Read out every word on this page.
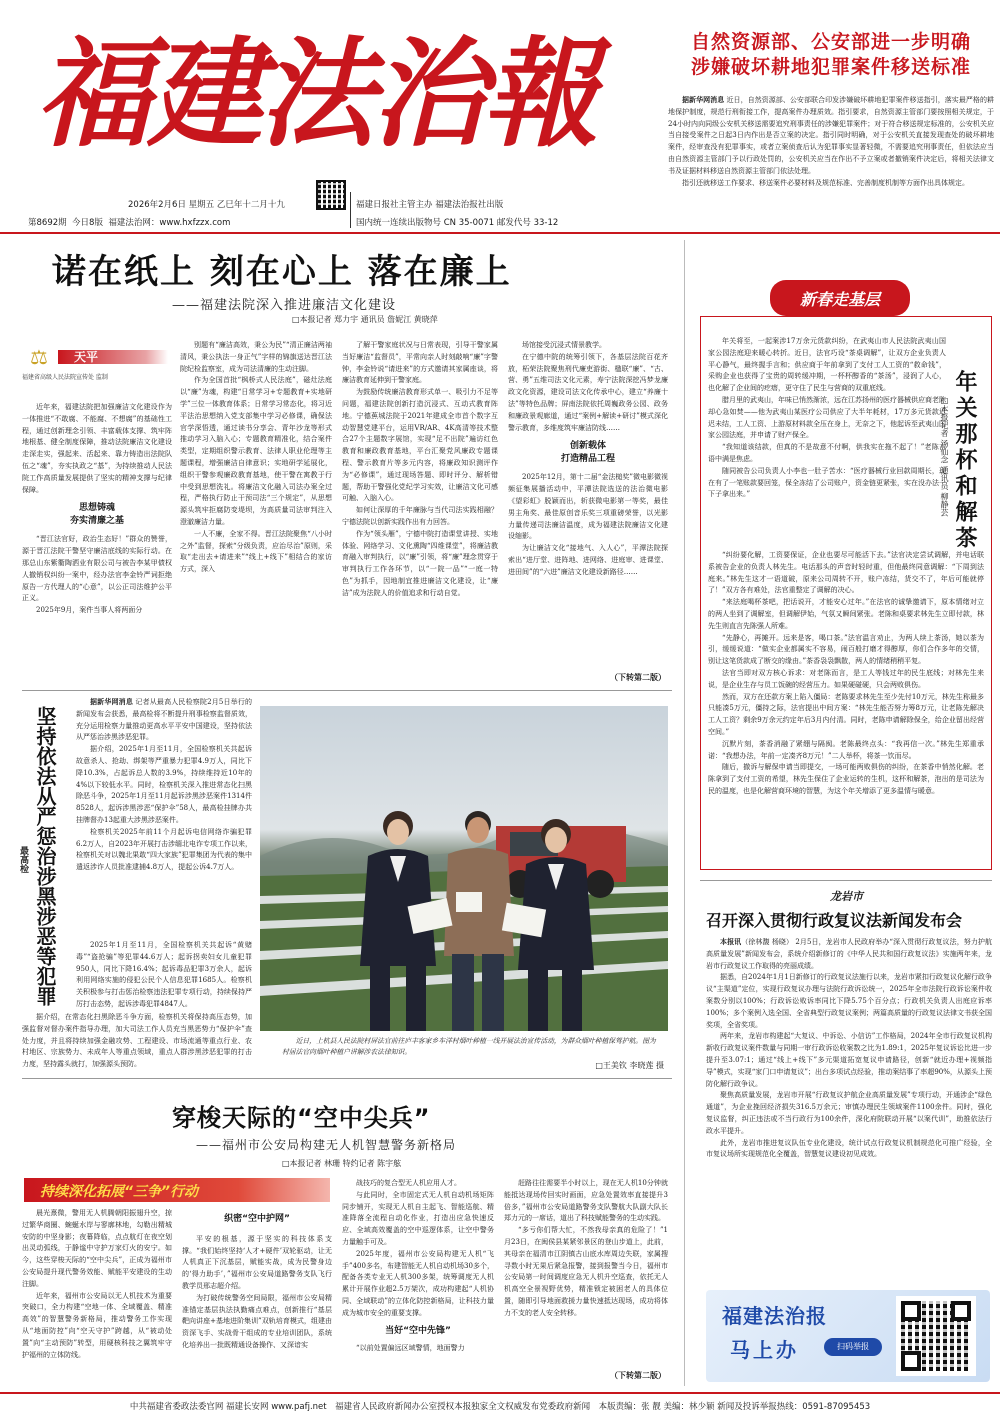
福建法治報
2026年2月6日 星期五 乙巳年十二月十九
第8692期 今日8版 福建法治网：www.hxfzzx.com
福建日报社主管主办 福建法治报社出版
国内统一连续出版物号 CN 35-0071 邮发代号 33-12
自然资源部、公安部进一步明确
涉嫌破坏耕地犯罪案件移送标准

据新华网消息 近日，自然资源部、公安部联合印发涉嫌破坏耕地犯罪案件移送指引，落实最严格的耕地保护制度，规范行刑衔接工作，提高案件办理质效。指引要求，自然资源主管部门要按照相关规定，于24小时内向同级公安机关移送需要追究刑事责任的涉嫌犯罪案件；对于符合移送规定标准的，公安机关应当自接受案件之日起3日内作出是否立案的决定。指引同时明确，对于公安机关直接发现查处的破坏耕地案件，经审查没有犯罪事实，或者立案侦查后认为犯罪事实显著轻微，不需要追究刑事责任，但依法应当由自然资源主管部门予以行政处罚的，公安机关应当在作出不予立案或者撤销案件决定后，将相关法律文书及证据材料移送自然资源主管部门依法处理。

指引还就移送工作要求、移送案件必要材料及规范标准、完善制度机制等方面作出具体规定。

诺在纸上 刻在心上 落在廉上
——福建法院深入推进廉洁文化建设
□本报记者 郑力宇 通讯员 詹妮江 黄晓萍
⚖	天平
福建省高级人民法院宣传处 监制

近年来，福建法院把加强廉洁文化建设作为一体推进“不敢腐、不能腐、不想腐”的基础性工程，通过创新理念引领、丰富载体支撑、筑牢阵地根基、健全制度保障，推动法院廉洁文化建设走深走实，强起来、活起来、靠力铸造出法院队伍之“魂”，夯实执政之“基”，为持续推动人民法院工作高质量发展提供了坚实的精神支撑与纪律保障。

思想铸魂
夯实清廉之基

“晋江法官好，政治生态好！”群众的赞誉，源于晋江法院干警坚守廉洁底线的实际行动。在那总山东紫衢陶洒业有限公司与被告李某甲债权人撤销权纠纷一案中，经办法官李金铃严词拒绝原告一方代理人的“心意”，以公正司法维护公平正义。

2025年9月，案件当事人将两面分

别题有“廉洁高效，秉公为民”“清正廉洁两袖清风，秉公执法一身正气”字样的锦旗送达晋江法院纪检监察室，成为司法清廉的生动注脚。

作为全国首批“枫桥式人民法庭”，磁灶法庭以“廉”为魂，构建“日常学习+专题教育+实地研学”三位一体教育体系；日常学习常态化，将习近平法治思想纳入党支部集中学习必修课，确保法官学深悟透，通过读书分享会、青年沙龙等形式推动学习入脑入心；专题教育精准化，结合案件类型，定期组织警示教育、法律人职业伦理等主题课程，增强廉洁自律意识；实地研学延展化，组织干警参观廉政教育基地，使干警在寓教于行中受到思想洗礼。将廉洁文化融入司法办案全过程，严格执行防止干预司法“三个规定”，从思想源头筑牢拒腐防变堤坝，为高质量司法审判注入澄澈廉洁力量。

一人不廉，全家不得。晋江法院聚焦“八小时之外”监督，探索“分级负责，应治尽治”原则，采取“走出去+请进来”“线上+线下”相结合的家访方式，深入

了解干警家庭状况与日常表现，引导干警家属当好廉洁“监督员”，平常向亲人时刻敲响“廉”字警钟，李金铃说“请进来”的方式邀请其家属座谈，将廉洁教育延伸到干警家庭。

为鼓励传统廉洁教育形式单一、吸引力不足等问题，福建法院创新打造沉浸式、互动式教育阵地。宁德蕉城法院于2021年建成全市首个数字互动智慧党建平台，运用VR/AR、4K高清等技术整合27个主题数字展馆，实现“足不出院”遍访红色教育和廉政教育基地，平台汇聚党风廉政专题课程、警示教育片等多元内容，将廉政知识测评作为“必修课”，通过现场答题、即时评分、解析错题，帮助干警强化党纪学习实效，让廉洁文化可感可触、入脑入心。

如何让深厚的千年廉脉与当代司法实践相融？宁德法院以创新实践作出有力回答。

作为“领头雁”，宁德中院打造课堂讲授、实地体验、网络学习、文化熏陶“四维课堂”，将廉洁教育融入审判执行，以“廉”引领，将“廉”理念贯穿于审判执行工作各环节，以“一院一品”“一庭一特色”为抓手，因地制宜推进廉洁文化建设，让“廉洁”成为法院人的价值追求和行动自觉。

场馆接受沉浸式情景教学。

在宁德中院的统筹引领下，各基层法院百花齐放，柘荣法院聚焦刑代廉吏游街、楹联“廉”、“古、营、勇”五维司法文化元素，寿宁法院深挖冯梦龙廉政文化资源，建设司法文化传承中心，建立“养廉十法”等特色品牌；屏南法院依托周巍政务公园、政务和廉政景观廊道，通过“案例+解读+研讨”模式深化警示教育，多维度筑牢廉洁防线……

创新载体
打造精品工程

2025年12月，第十二届“金法槌奖”微电影微视频征集展播活动中，平潭法院选送的法治微电影《望彩虹》脱颖而出，斩获微电影第一等奖，最佳男主角奖、最佳原创音乐奖三项重磅荣誉，以光影力量传递司法廉洁温度，成为福建法院廉洁文化建设缩影。

为让廉洁文化“接地气、入人心”，平潭法院探索出“进厅堂、进阵地、进网络、进庭审、进课堂、进田间”的“六进”廉洁文化建设新路径……

（下转第二版）
新春走基层

年关将至，一起案涉17万余元货款纠纷，在武夷山市人民法院武夷山国家公园法庭迎来暖心转折。近日，法官巧设“茶桌调解”，让双方企业负责人平心静气，最终握手言和；供应商于年前拿到了支付工人工资的“救命钱”，采购企业也获得了宝贵的周转缓冲期，一杯杯醇香的“茶汤”，浸润了人心，也化解了企业间的疙瘩，更守住了民生与营商的双重底线。

腊月里的武夷山，年味已悄然渐浓，远在江苏扬州的医疗器械供应商老陈却心急如焚——他为武夷山某医疗公司供应了大半年耗材，17万多元货款迟迟未结，工人工资、上游原材料款全压在身上，无奈之下，他起诉至武夷山国家公园法庭，并申请了财产保全。

“我知道该结款，但真的不是故意不付啊，供我实在拖不起了！”老陈吉语中满是焦虑。

随同被告公司负责人小李也一肚子苦水：“医疗器械行业回款周期长，现在有了一笔账款要回笼，保全冻结了公司账户，资金链更紧张，实在没办法一下子拿出来。”	年关那杯和解茶
□本报记者 汤仙念 通讯员 柳静芸

“纠纷要化解，工资要保证，企业也要尽可能活下去。”法官决定尝试调解，并电话联系被告企业的负责人林先生。电话那头的声音时轻时重，但他最终同意调解：“下周到法庭来。”林先生这才一语道破，原来公司周转不开，账户冻结，货交不了，年后可能就停了！”双方各有难处，法官重整定了调解的决心。

“来法庭喝杯茶吧，把话说开，才能安心过年。”在法官的诚挚邀请下，原本情绪对立的两人坐到了调解室，但调解伊始，气氛又瞬间紧张。老陈和桌要求林先生立即付款，林先生则直言先陈强人所难。

“先静心，再摊开。远来是客，喝口茶。”法官温言劝止，为两人续上茶汤，她以茶为引，缓缓说道：“做实企业都属实不容易，闹百般打磨才得醇厚，你们合作多年的交情，别让这笔货款成了断交的缘由。”茶香袅袅飘散，两人的情绪稍稍平复。

法官当即对双方核心诉求：对老陈而言，是工人等钱过年的民生底线；对林先生来说，是企业生存与员工饭碗的经营压力。如果硬碰硬，只会两败俱伤。

然而，双方在还款方案上陷入僵局：老陈要求林先生至少先付10万元，林先生称最多只能凑5万元，僵持之际，法官提出中间方案：“林先生能否努力筹8万元，让老陈先解决工人工资？剩余9万余元约定年后3月内付清。同时，老陈申请解除保全，给企业留出经营空间。”

沉默片刻，茶香消融了紧绷与隔阂。老陈最终点头：“我再信一次。”林先生郑重承诺：“我想办法，年前一定凑齐8万元！”二人举杯，将茶一饮而尽。

随后，撤诉与解保申请当即提交，一场可能两败俱伤的纠纷，在茶香中悄然化解。老陈拿到了支付工资的希望，林先生保住了企业运转的生机，这杯和解茶，泡出的是司法为民的温度，也是化解营商环境的智慧，为这个年关增添了更多温情与暖意。

坚持依法从严惩治涉黑涉恶等犯罪
最高检

据新华网消息 记者从最高人民检察院2月5日举行的新闻发布会获悉，最高检将不断提升刑事检察监督质效，充分运用检察力量推动更高水平平安中国建设，坚持依法从严惩治涉黑涉恶犯罪。

据介绍，2025年1月至11月，全国检察机关共起诉故意杀人、抢劫、绑架等严重暴力犯罪4.9万人，同比下降10.3%，占起诉总人数的3.9%，持续维持近10年的4%以下较低水平。同时，检察机关深入推进常态化扫黑除恶斗争，2025年1月至11月起诉涉黑涉恶案件1314件8528人，起诉涉黑涉恶“保护伞”58人，最高检挂牌办共挂牌督办13起重大涉黑涉恶案件。

检察机关2025年前11个月起诉电信网络诈骗犯罪6.2万人，自2023年开展打击涉缅北电诈专项工作以来，检察机关对以魏北果敢“四大家族”犯罪集团为代表的集中遣返涉诈人员批准逮捕4.8万人，提起公诉4.7万人。

2025年1月至11月，全国检察机关共起诉“黄赌毒”“盗抢骗”等犯罪44.6万人；起诉拐卖妇女儿童犯罪950人，同比下降16.4%；起诉毒品犯罪3万余人，起诉利用网络实施的侵犯公民个人信息犯罪1685人。检察机关积极参与打击惩治检察违法犯罪专项行动，持续保持严厉打击态势，起诉涉毒犯罪4847人。

据介绍，在常态化扫黑除恶斗争方面，检察机关将保持高压态势，加强监督对督办案件指导办理，加大司法工作人员充当黑恶势力“保护伞”查处力度，并且将持续加强金融攻势、工程建设、市场流通等重点行业、农村地区、宗族势力、未成年人等重点领域，重点人群涉黑涉恶犯罪的打击力度，坚持露头就打，加强源头预防。

近日，上杭县人民法院村屏法官前往庐丰客家乡车洋村烟叶种植一线开展法治宣传活动，为群众烟叶种植保驾护航。图为村居法官向烟叶种植户讲解涉农法律知识。
□王美钦 李晓莲 摄
穿梭天际的“空中尖兵”
——福州市公安局构建无人机智慧警务新格局
□本报记者 林珊 特约记者 陈宇舷
持续深化拓展“三争”行动

晨光熹微，警用无人机腾朝阳振翅升空，掠过繁华商圈、蜿蜒水岸与寥廓林地，勾勒出精城安防的中坚身影；夜幕降临，点点航灯在夜空划出灵动弧线，于静谧中守护万家灯火的安宁。如今，这些穿梭天际的“空中尖兵”，正成为福州市公安局提升现代警务效能、赋能平安建设的生动注脚。

近年来，福州市公安局以无人机技术为重要突破口，全力构建“空地一体、全域覆盖、精准高效”的智慧警务新格局，推动警务工作实现从“地面防控”向“空天守护”跨越，从“被动处置”向“主动预防”转型，用硬核科技之翼筑牢守护福州的立体防线。

织密“空中护网”

平安的根基，源于坚实的科技体系支撑。“我们始终坚持‘人才+硬件’双轮驱动，让无人机真正下沉基层，赋能实战，成为民警身边的‘得力助手’，”福州市公安局道路警务支队飞行教学员邢志超介绍。

为打破传统警务空间局限，福州市公安局精准锚定基层执法执勤痛点难点，创新推行“基层靶向讲座+基地进阶集训”双轨培育模式，组建由资深飞手、实战骨干组成的专业培训团队，系统化培养出一批既精通设备操作、又深谙实

战技巧的复合型无人机应用人才。

与此同时，全市固定式无人机自动机场矩阵同步铺开，实现无人机自主起飞、智能巡航、精准降落全流程自动化作业，打造出应急快速反应、全域高效覆盖的空中巡逻体系，让空中警务力量触手可及。

2025年度，福州市公安局构建无人机“飞手”400多名，布建智能无人机自动机场30多个，配备各类专业无人机300多架，统筹调度无人机累计开展作业超2.5万架次，成功构建起“人机协同、全域联动”的立体化防控新格局，让科技力量成为城市安全的重要支撑。

当好“空中先锋”

“以前处置偏远区域警情，地面警力

赶路往往需要半小时以上，现在无人机10分钟就能抵达现场传回实时画面，应急处置效率直接提升3倍多，”福州市公安局道路警务支队警航大队副大队长郑力元的一席话，道出了科技赋能警务的生动实践。

“多亏你们帮大忙，不然我母亲真的危险了！”1月23日，在闽侯县某紧邻景区的登山步道上，此前，其母亲在福清市江阴镇古山底水库周边失联，家属搜寻数小时无果后紧急报警，接到报警当今日，福州市公安局第一时间调度应急无人机升空巡查，依托无人机高空全景视野优势，精准锁定被困老人的具体位置，随即引导地面救援力量快速抵达现场，成功将体力不支的老人安全转移。

（下转第二版）
龙岩市
召开深入贯彻行政复议法新闻发布会

本报讯（徐林馥 杨晓） 2月5日，龙岩市人民政府举办“深入贯彻行政复议法，努力护航高质量发展”新闻发布会，系统介绍新修订的《中华人民共和国行政复议法》实施两年来，龙岩市行政复议工作取得的亮丽成绩。

据悉，自2024年1月1日新修订的行政复议法施行以来，龙岩市紧扣行政复议化解行政争议“主渠道”定位，实现行政复议办理与法院行政诉讼统一，2025年全市法院行政诉讼案件收案数分别以100%；行政诉讼败诉率同比下降5.75个百分点；行政机关负责人出庭应诉率100%；多个案例入选全国、全省典型行政复议案例；两篇高质量的行政复议法律文书获全国奖项，全省奖项。

两年来，龙岩市构建起“大复议、中诉讼、小信访”工作格局，2024年全市行政复议机构新收行政复议案件数量与同期一审行政诉讼收案数之比为1.89:1，2025年复议诉讼比进一步提升至3.07:1；通过“线上+线下”多元渠道拓宽复议申请路径，创新“就近办理+视频指导”模式，实现“家门口申请复议”；出台多项试点经验，推动案结事了率超90%，从源头上预防化解行政争议。

聚焦高质量发展，龙岩市开展“行政复议护航企业高质量发展”专项行动，开通涉企“绿色通道”，为企业挽回经济损失316.5万余元；审慎办理民生领域案件1100余件。同时，强化复议监督，纠正违法或不当行政行为100余件，深化府院联动开展“以案代训”，助推依法行政水平提升。

此外，龙岩市推进复议队伍专业化建设，统计试点行政复议机制规范化可推广经验，全市复议场所实现规范化全覆盖，智慧复议建设初见成效。

福建法治报
马上办	扫码举报
中共福建省委政法委官网 福建长安网 www.pafj.net　福建省人民政府新闻办公室授权本报独家全文权威发布党委政府新闻　本版责编：张 靓 美编：林少颖 新闻及投诉举报热线：0591-87095453
